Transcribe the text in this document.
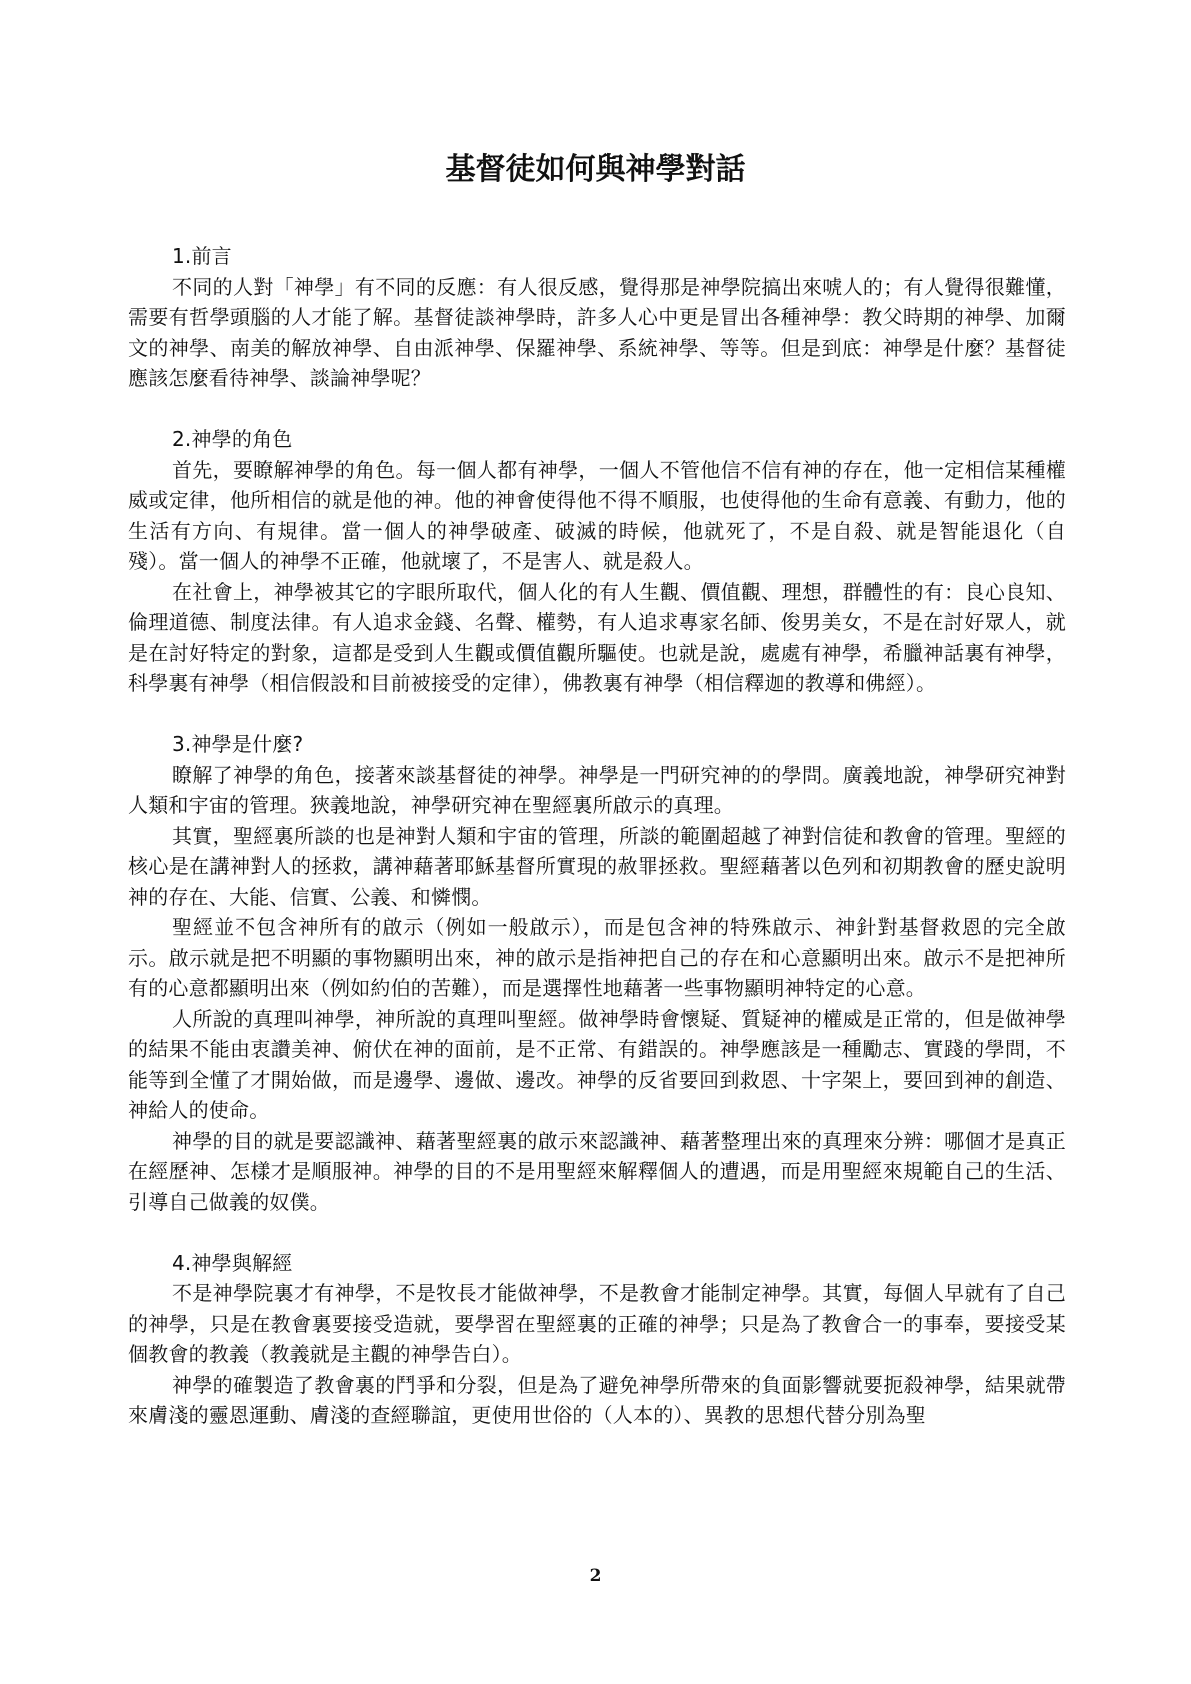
基督徒如何與神學對話

1.前言

不同的人對「神學」有不同的反應：有人很反感，覺得那是神學院搞出來唬人的；有人覺得很難懂，需要有哲學頭腦的人才能了解。基督徒談神學時，許多人心中更是冒出各種神學：教父時期的神學、加爾文的神學、南美的解放神學、自由派神學、保羅神學、系統神學、等等。但是到底：神學是什麼？基督徒應該怎麼看待神學、談論神學呢？

2.神學的角色

首先，要瞭解神學的角色。每一個人都有神學，一個人不管他信不信有神的存在，他一定相信某種權威或定律，他所相信的就是他的神。他的神會使得他不得不順服，也使得他的生命有意義、有動力，他的生活有方向、有規律。當一個人的神學破產、破滅的時候，他就死了，不是自殺、就是智能退化（自殘）。當一個人的神學不正確，他就壞了，不是害人、就是殺人。

在社會上，神學被其它的字眼所取代，個人化的有人生觀、價值觀、理想，群體性的有：良心良知、倫理道德、制度法律。有人追求金錢、名聲、權勢，有人追求專家名師、俊男美女，不是在討好眾人，就是在討好特定的對象，這都是受到人生觀或價值觀所驅使。也就是說，處處有神學，希臘神話裏有神學，科學裏有神學（相信假設和目前被接受的定律），佛教裏有神學（相信釋迦的教導和佛經）。

3.神學是什麼?

瞭解了神學的角色，接著來談基督徒的神學。神學是一門研究神的的學問。廣義地說，神學研究神對人類和宇宙的管理。狹義地說，神學研究神在聖經裏所啟示的真理。

其實，聖經裏所談的也是神對人類和宇宙的管理，所談的範圍超越了神對信徒和教會的管理。聖經的核心是在講神對人的拯救，講神藉著耶穌基督所實現的赦罪拯救。聖經藉著以色列和初期教會的歷史說明神的存在、大能、信實、公義、和憐憫。

聖經並不包含神所有的啟示（例如一般啟示），而是包含神的特殊啟示、神針對基督救恩的完全啟示。啟示就是把不明顯的事物顯明出來，神的啟示是指神把自己的存在和心意顯明出來。啟示不是把神所有的心意都顯明出來（例如約伯的苦難），而是選擇性地藉著一些事物顯明神特定的心意。

人所說的真理叫神學，神所說的真理叫聖經。做神學時會懷疑、質疑神的權威是正常的，但是做神學的結果不能由衷讚美神、俯伏在神的面前，是不正常、有錯誤的。神學應該是一種勵志、實踐的學問，不能等到全懂了才開始做，而是邊學、邊做、邊改。神學的反省要回到救恩、十字架上，要回到神的創造、神給人的使命。

神學的目的就是要認識神、藉著聖經裏的啟示來認識神、藉著整理出來的真理來分辨：哪個才是真正在經歷神、怎樣才是順服神。神學的目的不是用聖經來解釋個人的遭遇，而是用聖經來規範自己的生活、引導自己做義的奴僕。

4.神學與解經

不是神學院裏才有神學，不是牧長才能做神學，不是教會才能制定神學。其實，每個人早就有了自己的神學，只是在教會裏要接受造就，要學習在聖經裏的正確的神學；只是為了教會合一的事奉，要接受某個教會的教義（教義就是主觀的神學告白）。

神學的確製造了教會裏的鬥爭和分裂，但是為了避免神學所帶來的負面影響就要扼殺神學，結果就帶來膚淺的靈恩運動、膚淺的查經聯誼，更使用世俗的（人本的）、異教的思想代替分別為聖

2
